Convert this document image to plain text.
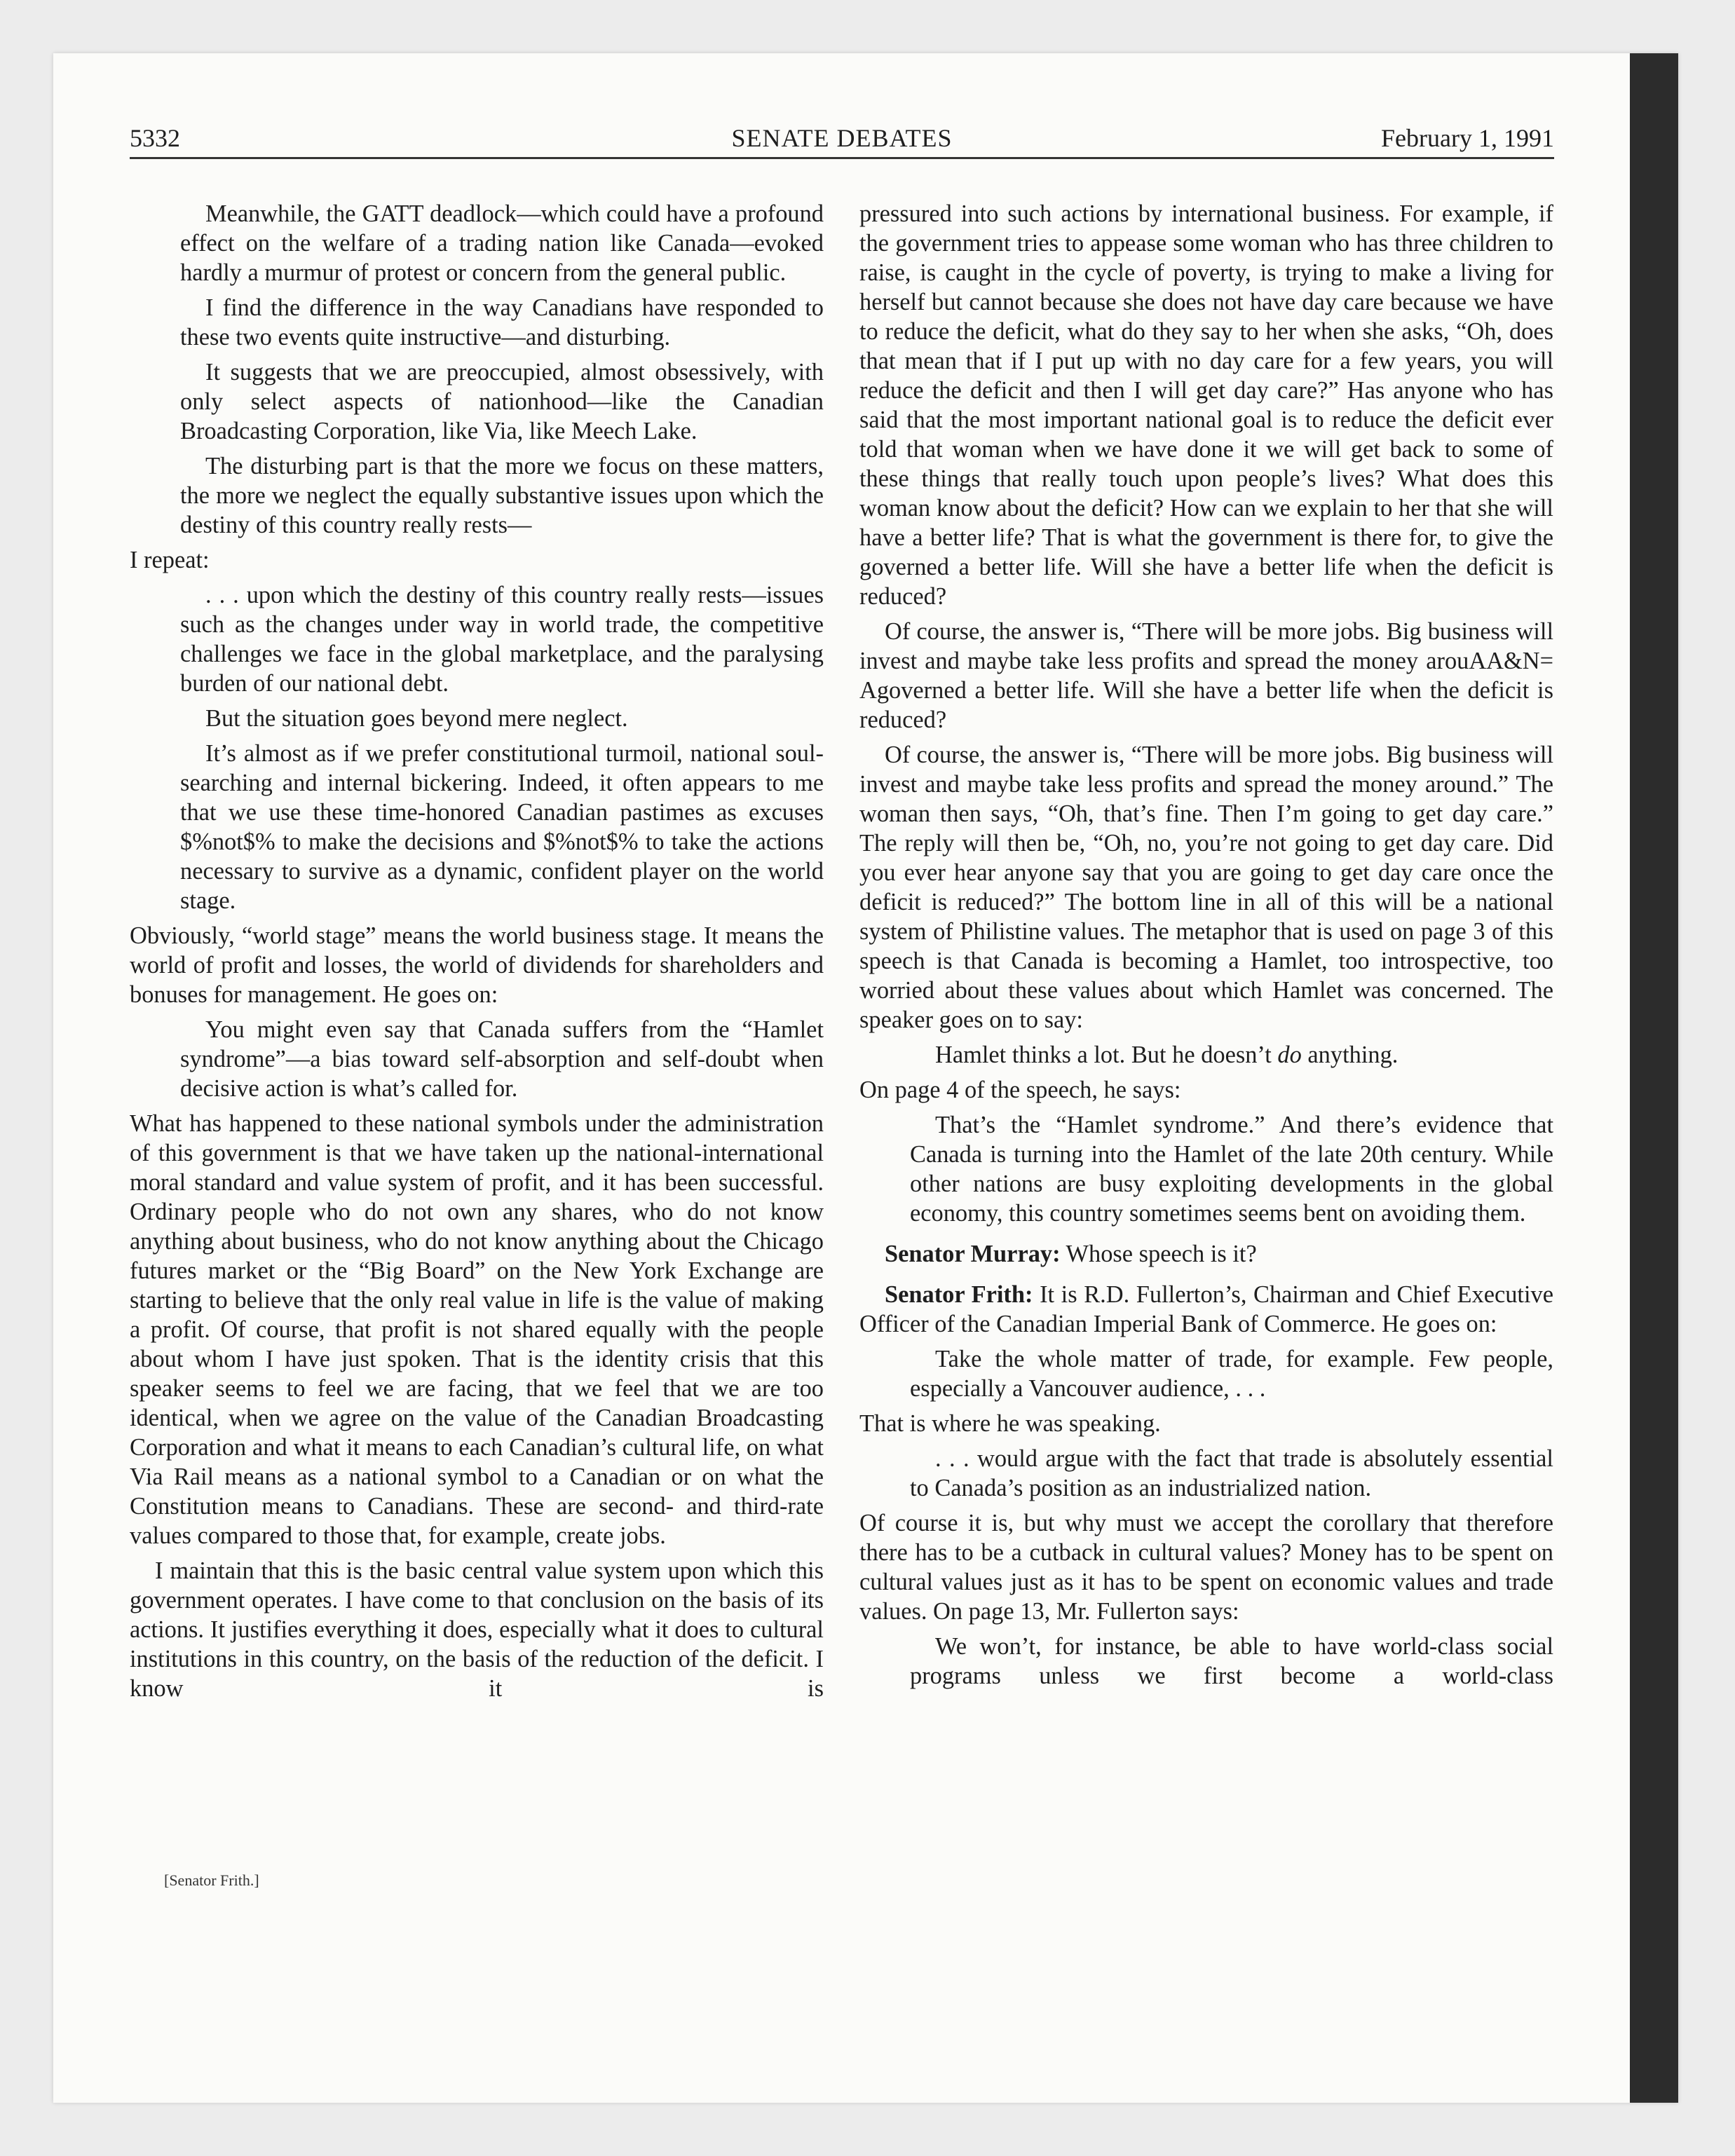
5332	SENATE DEBATES	February 1, 1991

Meanwhile, the GATT deadlock—which could have a profound effect on the welfare of a trading nation like Canada—evoked hardly a murmur of protest or concern from the general public.

I find the difference in the way Canadians have responded to these two events quite instructive—and disturbing.

It suggests that we are preoccupied, almost obsessively, with only select aspects of nationhood—like the Canadian Broadcasting Corporation, like Via, like Meech Lake.

The disturbing part is that the more we focus on these matters, the more we neglect the equally substantive issues upon which the destiny of this country really rests—

I repeat:

. . . upon which the destiny of this country really rests—issues such as the changes under way in world trade, the competitive challenges we face in the global marketplace, and the paralysing burden of our national debt.

But the situation goes beyond mere neglect.

It’s almost as if we prefer constitutional turmoil, national soul-searching and internal bickering. Indeed, it often appears to me that we use these time-honored Canadian pastimes as excuses $%not$% to make the decisions and $%not$% to take the actions necessary to survive as a dynamic, confident player on the world stage.

Obviously, “world stage” means the world business stage. It means the world of profit and losses, the world of dividends for shareholders and bonuses for management. He goes on:

You might even say that Canada suffers from the “Hamlet syndrome”—a bias toward self-absorption and self-doubt when decisive action is what’s called for.

What has happened to these national symbols under the administration of this government is that we have taken up the national-international moral standard and value system of profit, and it has been successful. Ordinary people who do not own any shares, who do not know anything about business, who do not know anything about the Chicago futures market or the “Big Board” on the New York Exchange are starting to believe that the only real value in life is the value of making a profit. Of course, that profit is not shared equally with the people about whom I have just spoken. That is the identity crisis that this speaker seems to feel we are facing, that we feel that we are too identical, when we agree on the value of the Canadian Broadcasting Corporation and what it means to each Canadian’s cultural life, on what Via Rail means as a national symbol to a Canadian or on what the Constitution means to Canadians. These are second- and third-rate values compared to those that, for example, create jobs.

I maintain that this is the basic central value system upon which this government operates. I have come to that conclusion on the basis of its actions. It justifies everything it does, especially what it does to cultural institutions in this country, on the basis of the reduction of the deficit. I know it is

[Senator Frith.]

pressured into such actions by international business. For example, if the government tries to appease some woman who has three children to raise, is caught in the cycle of poverty, is trying to make a living for herself but cannot because she does not have day care because we have to reduce the deficit, what do they say to her when she asks, “Oh, does that mean that if I put up with no day care for a few years, you will reduce the deficit and then I will get day care?” Has anyone who has said that the most important national goal is to reduce the deficit ever told that woman when we have done it we will get back to some of these things that really touch upon people’s lives? What does this woman know about the deficit? How can we explain to her that she will have a better life? That is what the government is there for, to give the governed a better life. Will she have a better life when the deficit is reduced?

Of course, the answer is, “There will be more jobs. Big business will invest and maybe take less profits and spread the money arouAA&N= Agoverned a better life. Will she have a better life when the deficit is reduced?

Of course, the answer is, “There will be more jobs. Big business will invest and maybe take less profits and spread the money around.” The woman then says, “Oh, that’s fine. Then I’m going to get day care.” The reply will then be, “Oh, no, you’re not going to get day care. Did you ever hear anyone say that you are going to get day care once the deficit is reduced?” The bottom line in all of this will be a national system of Philistine values. The metaphor that is used on page 3 of this speech is that Canada is becoming a Hamlet, too introspective, too worried about these values about which Hamlet was concerned. The speaker goes on to say:

Hamlet thinks a lot. But he doesn’t do anything.

On page 4 of the speech, he says:

That’s the “Hamlet syndrome.” And there’s evidence that Canada is turning into the Hamlet of the late 20th century. While other nations are busy exploiting developments in the global economy, this country sometimes seems bent on avoiding them.

Senator Murray: Whose speech is it?

Senator Frith: It is R.D. Fullerton’s, Chairman and Chief Executive Officer of the Canadian Imperial Bank of Commerce. He goes on:

Take the whole matter of trade, for example. Few people, especially a Vancouver audience, . . .

That is where he was speaking.

. . . would argue with the fact that trade is absolutely essential to Canada’s position as an industrialized nation.

Of course it is, but why must we accept the corollary that therefore there has to be a cutback in cultural values? Money has to be spent on cultural values just as it has to be spent on economic values and trade values. On page 13, Mr. Fullerton says:

We won’t, for instance, be able to have world-class social programs unless we first become a world-class
